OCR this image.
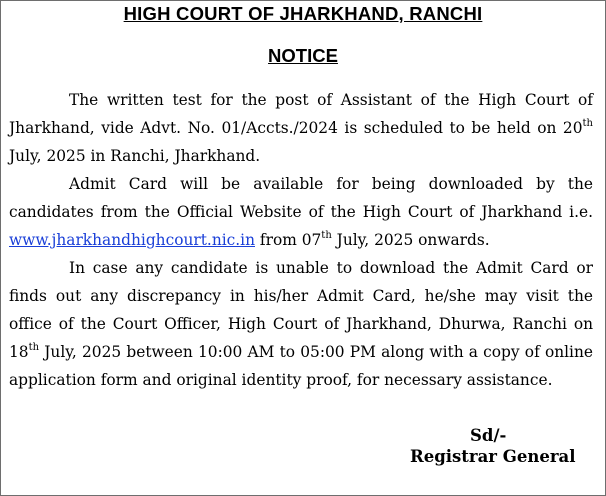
HIGH COURT OF JHARKHAND, RANCHI
NOTICE

The written test for the post of Assistant of the High Court of Jharkhand, vide Advt. No. 01/Accts./2024 is scheduled to be held on 20th July, 2025 in Ranchi, Jharkhand.

Admit Card will be available for being downloaded by the candidates from the Official Website of the High Court of Jharkhand i.e. www.jharkhandhighcourt.nic.in from 07th July, 2025 onwards.

In case any candidate is unable to download the Admit Card or finds out any discrepancy in his/her Admit Card, he/she may visit the office of the Court Officer, High Court of Jharkhand, Dhurwa, Ranchi on 18th July, 2025 between 10:00 AM to 05:00 PM along with a copy of online application form and original identity proof, for necessary assistance.

Sd/-
Registrar General
